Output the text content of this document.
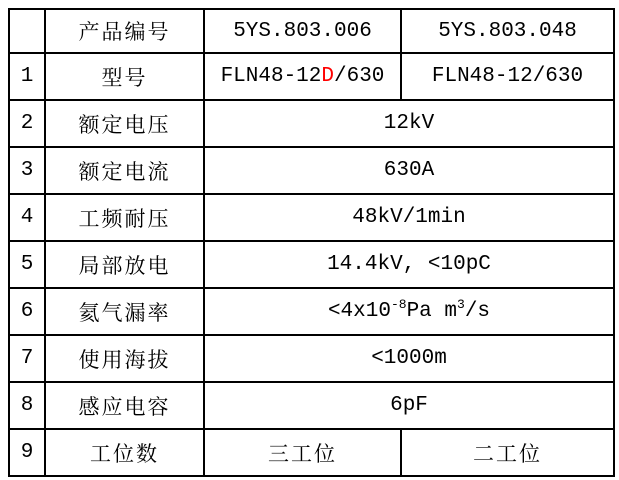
	产品编号	5YS.803.006	5YS.803.048
1	型号	FLN48-12D/630	FLN48-12/630
2	额定电压	12kV	
3	额定电流	630A	
4	工频耐压	48kV/1min	
5	局部放电	14.4kV, <10pC	
6	氦气漏率	$<4x10^{-8}Pa$ $m^3/s$	
7	使用海拔	<1000m	
8	感应电容	6pF	
9	工位数	三工位	二工位
